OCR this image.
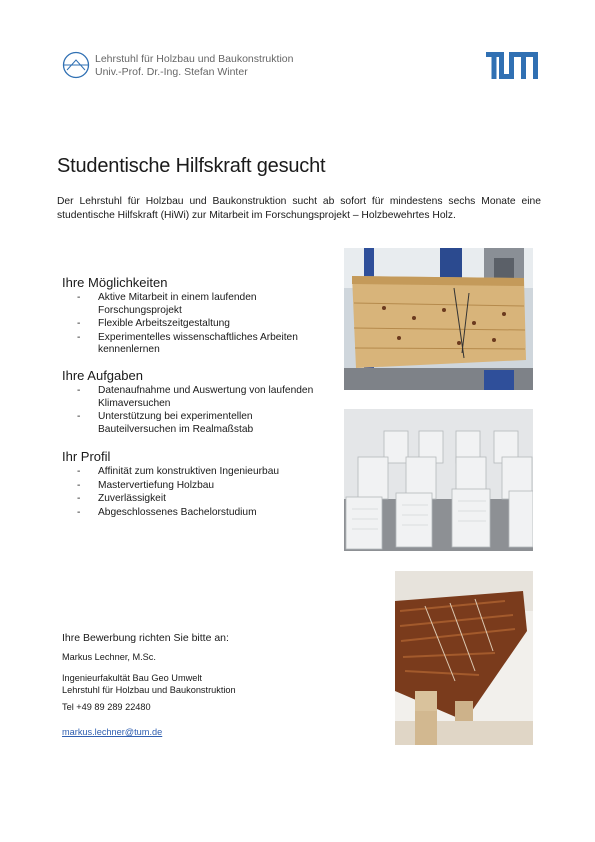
Lehrstuhl für Holzbau und Baukonstruktion
Univ.-Prof. Dr.-Ing. Stefan Winter
Studentische Hilfskraft gesucht

Der Lehrstuhl für Holzbau und Baukonstruktion sucht ab sofort für mindestens sechs Monate eine studentische Hilfskraft (HiWi) zur Mitarbeit im Forschungsprojekt – Holzbewehrtes Holz.

Ihre Möglichkeiten
- Aktive Mitarbeit in einem laufenden Forschungsprojekt
- Flexible Arbeitszeitgestaltung
- Experimentelles wissenschaftliches Arbeiten kennenlernen
Ihre Aufgaben
- Datenaufnahme und Auswertung von laufenden Klimaversuchen
- Unterstützung bei experimentellen Bauteilversuchen im Realmaßstab
Ihr Profil
- Affinität zum konstruktiven Ingenieurbau
- Mastervertiefung Holzbau
- Zuverlässigkeit
- Abgeschlossenes Bachelorstudium
Ihre Bewerbung richten Sie bitte an:
Markus Lechner, M.Sc.
Ingenieurfakultät Bau Geo Umwelt
Lehrstuhl für Holzbau und Baukonstruktion
Tel +49 89 289 22480
markus.lechner@tum.de
